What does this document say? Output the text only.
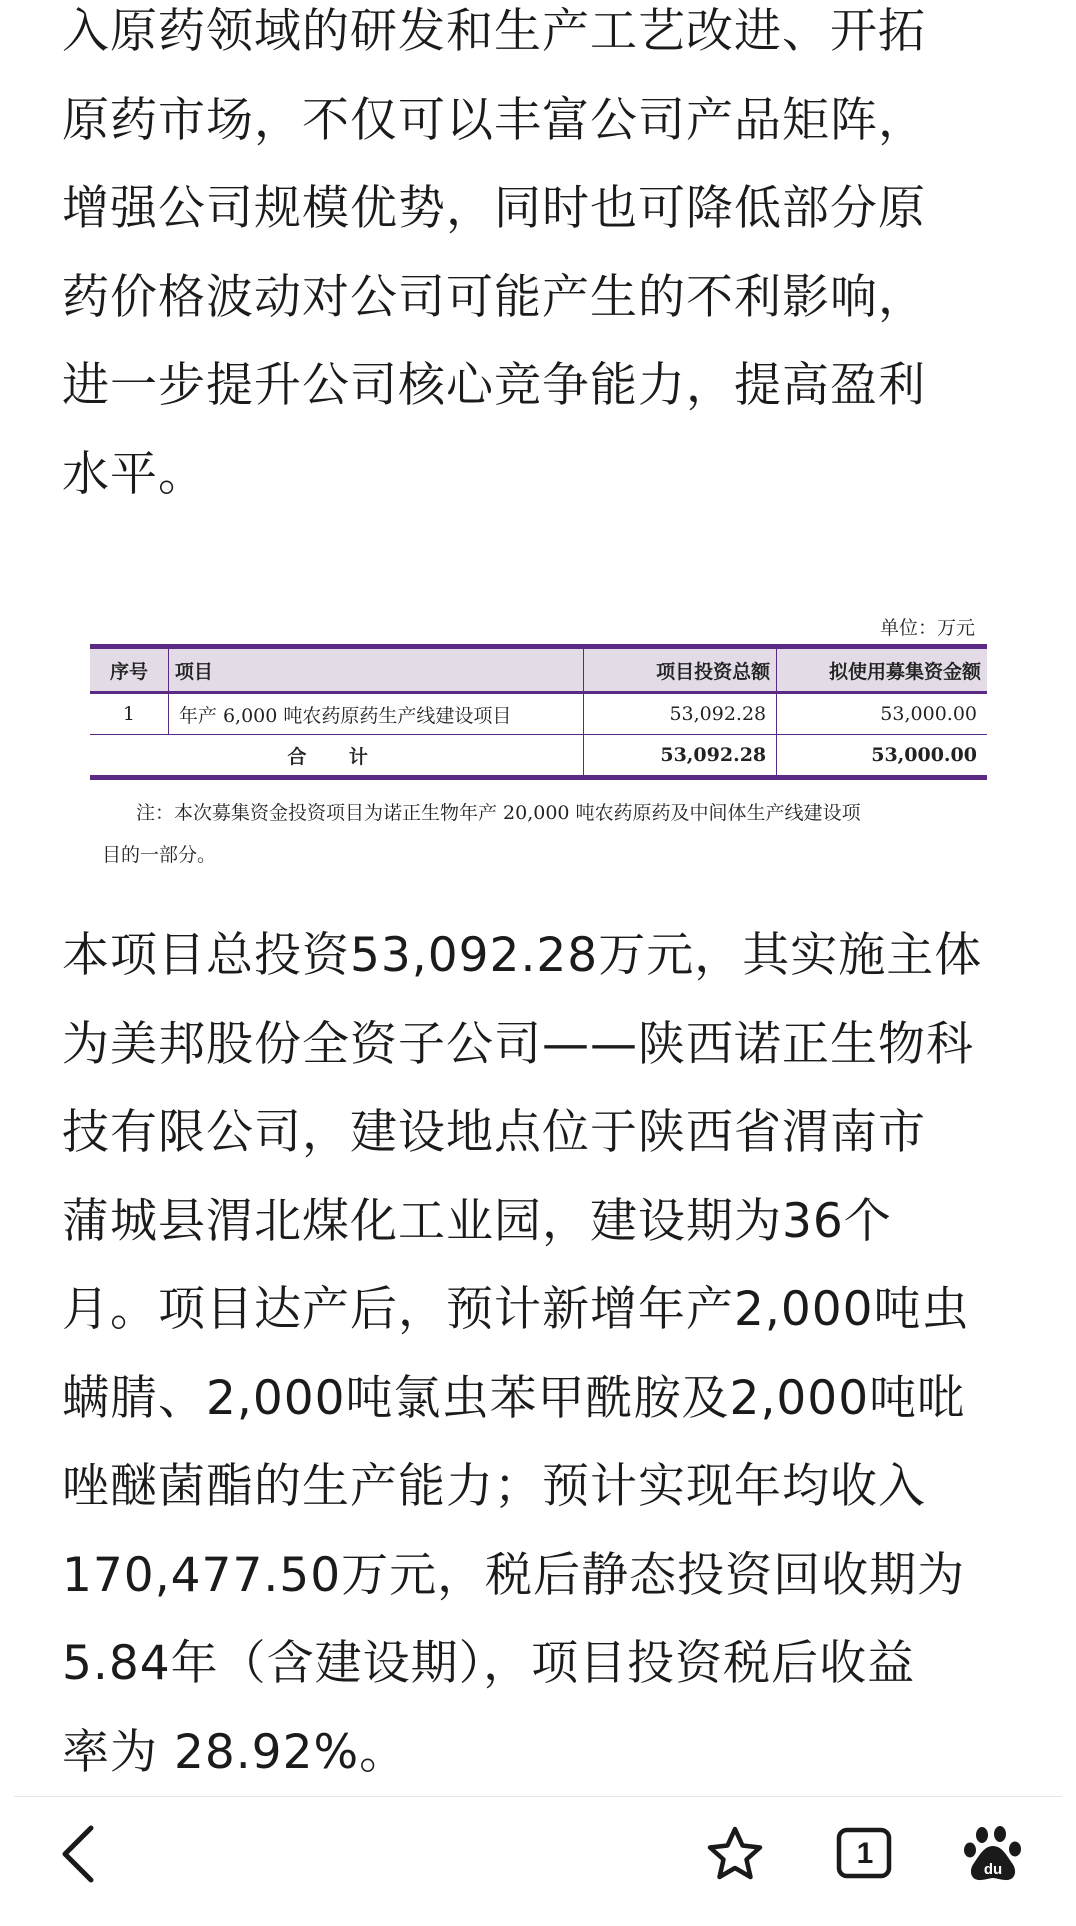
入原药领域的研发和生产工艺改进、开拓
原药市场，不仅可以丰富公司产品矩阵，
增强公司规模优势，同时也可降低部分原
药价格波动对公司可能产生的不利影响，
进一步提升公司核心竞争能力，提高盈利
水平。
单位：万元
序号	项目	项目投资总额	拟使用募集资金额
1	年产 6,000 吨农药原药生产线建设项目	53,092.28	53,000.00
合 计		53,092.28	53,000.00
注：本次募集资金投资项目为诺正生物年产 20,000 吨农药原药及中间体生产线建设项
目的一部分。
本项目总投资53,092.28万元，其实施主体
为美邦股份全资子公司——陕西诺正生物科
技有限公司，建设地点位于陕西省渭南市
蒲城县渭北煤化工业园，建设期为36个
月。项目达产后，预计新增年产2,000吨虫
螨腈、2,000吨氯虫苯甲酰胺及2,000吨吡
唑醚菌酯的生产能力；预计实现年均收入
170,477.50万元，税后静态投资回收期为
5.84年（含建设期），项目投资税后收益
率为 28.92%。
1	du
